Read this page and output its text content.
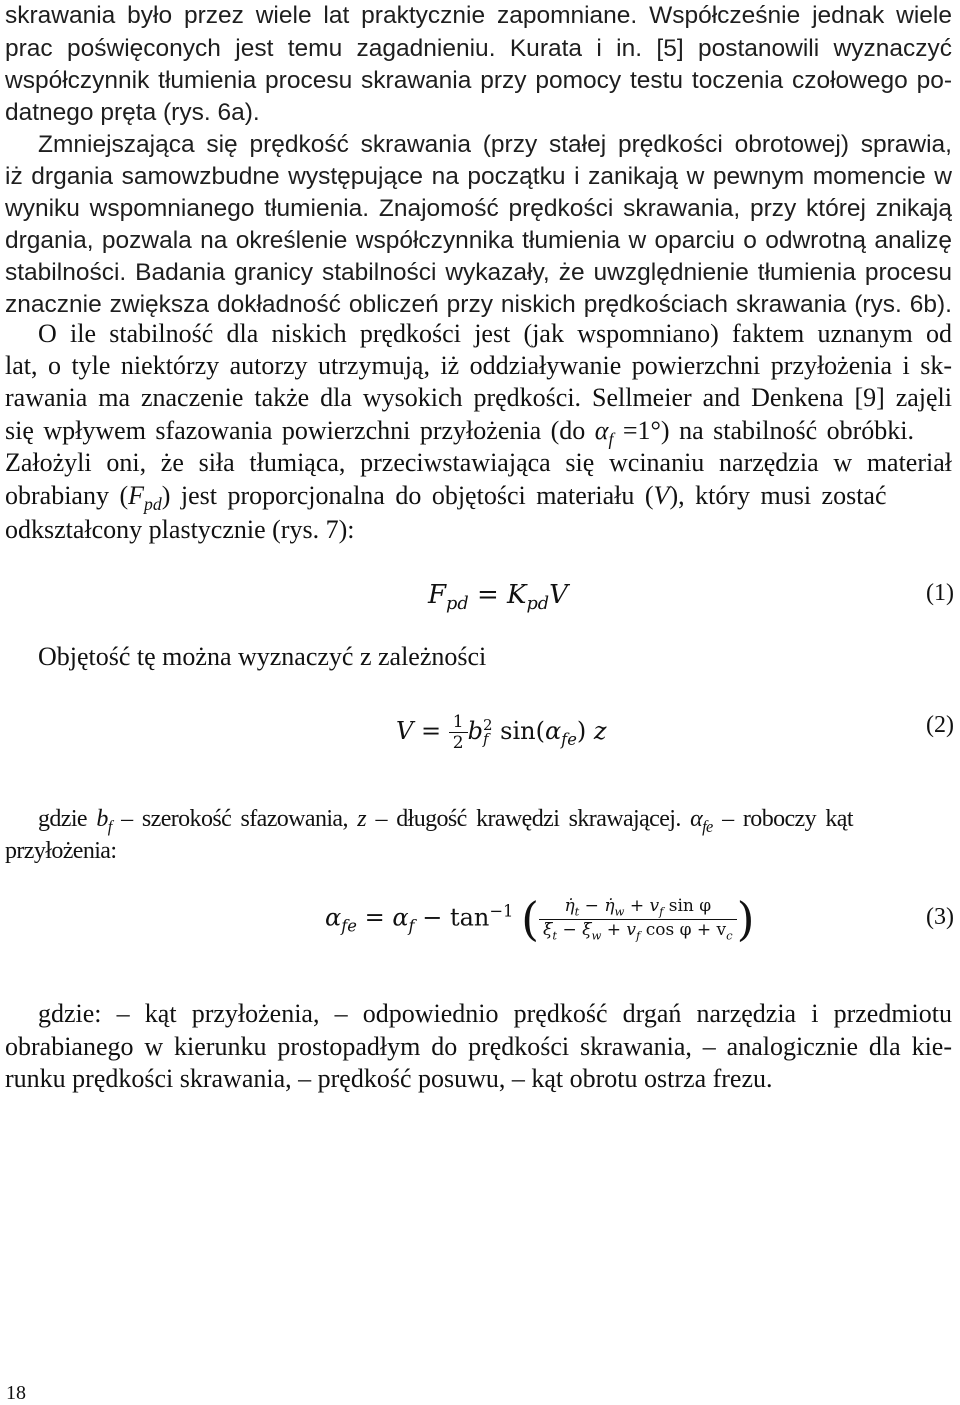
skrawania było przez wiele lat praktycznie zapomniane. Współcześnie jednak wiele

prac poświęconych jest temu zagadnieniu. Kurata i in. [5] postanowili wyznaczyć

współczynnik tłumienia procesu skrawania przy pomocy testu toczenia czołowego po-

datnego pręta (rys. 6a).

Zmniejszająca się prędkość skrawania (przy stałej prędkości obrotowej) sprawia,

iż drgania samowzbudne występujące na początku i zanikają w pewnym momencie w

wyniku wspomnianego tłumienia. Znajomość prędkości skrawania, przy której znikają

drgania, pozwala na określenie współczynnika tłumienia w oparciu o odwrotną analizę

stabilności. Badania granicy stabilności wykazały, że uwzględnienie tłumienia procesu

znacznie zwiększa dokładność obliczeń przy niskich prędkościach skrawania (rys. 6b).

O ile stabilność dla niskich prędkości jest (jak wspomniano) faktem uznanym od

lat, o tyle niektórzy autorzy utrzymują, iż oddziaływanie powierzchni przyłożenia i sk-

rawania ma znaczenie także dla wysokich prędkości. Sellmeier and Denkena [9] zajęli

się wpływem sfazowania powierzchni przyłożenia (do $\alpha_f =1^\circ$) na stabilność obróbki.

Założyli oni, że siła tłumiąca, przeciwstawiająca się wcinaniu narzędzia w materiał

obrabiany $(F_{pd})$ jest proporcjonalna do objętości materiału (V), który musi zostać

odkształcony plastycznie (rys. 7):

$F_{pd} = K_{pd}V$	(1)

Objętość tę można wyznaczyć z zależności

$V = \frac{1}{2}$ b 2
f $\sin(\alpha_{fe})$ z	(2)

gdzie $b_f$ – szerokość sfazowania, z – długość krawędzi skrawającej. $\alpha_{fe}$ – roboczy kąt

przyłożenia:

$\alpha_{fe} = \alpha_f - \tan^{-1}$ ( $\frac{\etȧ_t - \etȧ_w + v_f \sin \varphi}{\xi̇_t - \xi̇_w + v_f \cos \varphi + v_c}$ )	(3)

gdzie: – kąt przyłożenia, – odpowiednio prędkość drgań narzędzia i przedmiotu

obrabianego w kierunku prostopadłym do prędkości skrawania, – analogicznie dla kie-

runku prędkości skrawania, – prędkość posuwu, – kąt obrotu ostrza frezu.

18
